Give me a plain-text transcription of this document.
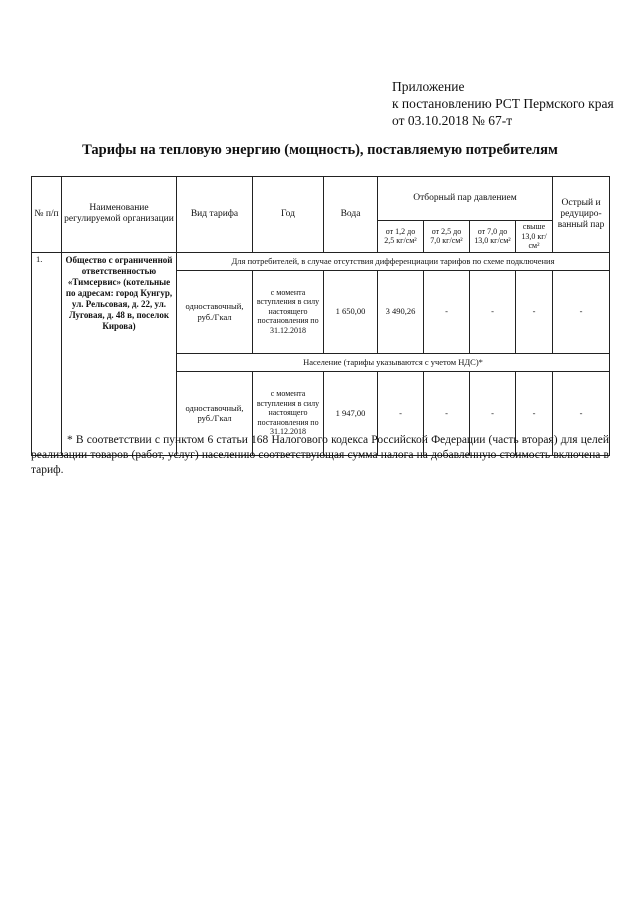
Приложение
к постановлению РСТ Пермского края
от 03.10.2018 № 67-т
Тарифы на тепловую энергию (мощность), поставляемую потребителям
№ п/п	Наименование регулируемой организации	Вид тарифа	Год	Вода	Отборный пар давлением				Острый и редуциро-ванный пар
					от 1,2 до 2,5 кг/см²	от 2,5 до 7,0 кг/см²	от 7,0 до 13,0 кг/см²	свыше 13,0 кг/см²	
1.	Общество с ограниченной ответственностью «Тимсервис» (котельные по адресам: город Кунгур, ул. Рельсовая, д. 22, ул. Луговая, д. 48 в, поселок Кирова)	Для потребителей, в случае отсутствия дифференциации тарифов по схеме подключения							
		одноставочный, руб./Гкал	с момента вступления в силу настоящего постановления по 31.12.2018	1 650,00	3 490,26	-	-	-	-
		Население (тарифы указываются с учетом НДС)*							
		одноставочный, руб./Гкал	с момента вступления в силу настоящего постановления по 31.12.2018	1 947,00	-	-	-	-	-
* В соответствии с пунктом 6 статьи 168 Налогового кодекса Российской Федерации (часть вторая) для целей реализации товаров (работ, услуг) населению соответствующая сумма налога на добавленную стоимость включена в тариф.
